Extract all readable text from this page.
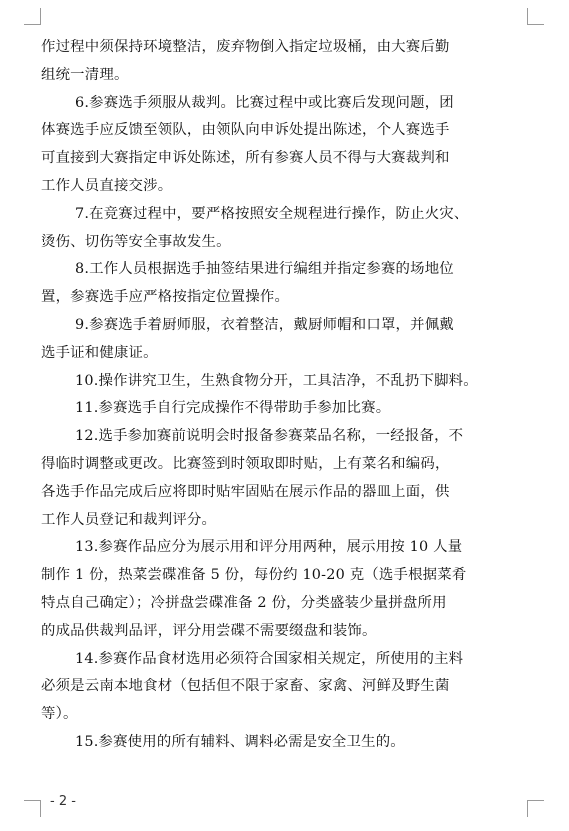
作过程中须保持环境整洁，废弃物倒入指定垃圾桶，由大赛后勤
组统一清理。
6.参赛选手须服从裁判。比赛过程中或比赛后发现问题，团
体赛选手应反馈至领队，由领队向申诉处提出陈述，个人赛选手
可直接到大赛指定申诉处陈述，所有参赛人员不得与大赛裁判和
工作人员直接交涉。
7.在竞赛过程中，要严格按照安全规程进行操作，防止火灾、
烫伤、切伤等安全事故发生。
8.工作人员根据选手抽签结果进行编组并指定参赛的场地位
置，参赛选手应严格按指定位置操作。
9.参赛选手着厨师服，衣着整洁，戴厨师帽和口罩，并佩戴
选手证和健康证。
10.操作讲究卫生，生熟食物分开，工具洁净，不乱扔下脚料。
11.参赛选手自行完成操作不得带助手参加比赛。
12.选手参加赛前说明会时报备参赛菜品名称，一经报备，不
得临时调整或更改。比赛签到时领取即时贴，上有菜名和编码，
各选手作品完成后应将即时贴牢固贴在展示作品的器皿上面，供
工作人员登记和裁判评分。
13.参赛作品应分为展示用和评分用两种，展示用按 10 人量
制作 1 份，热菜尝碟准备 5 份，每份约 10-20 克（选手根据菜肴
特点自己确定）；冷拼盘尝碟准备 2 份，分类盛装少量拼盘所用
的成品供裁判品评，评分用尝碟不需要缀盘和装饰。
14.参赛作品食材选用必须符合国家相关规定，所使用的主料
必须是云南本地食材（包括但不限于家畜、家禽、河鲜及野生菌
等）。
15.参赛使用的所有辅料、调料必需是安全卫生的。
- 2 -
